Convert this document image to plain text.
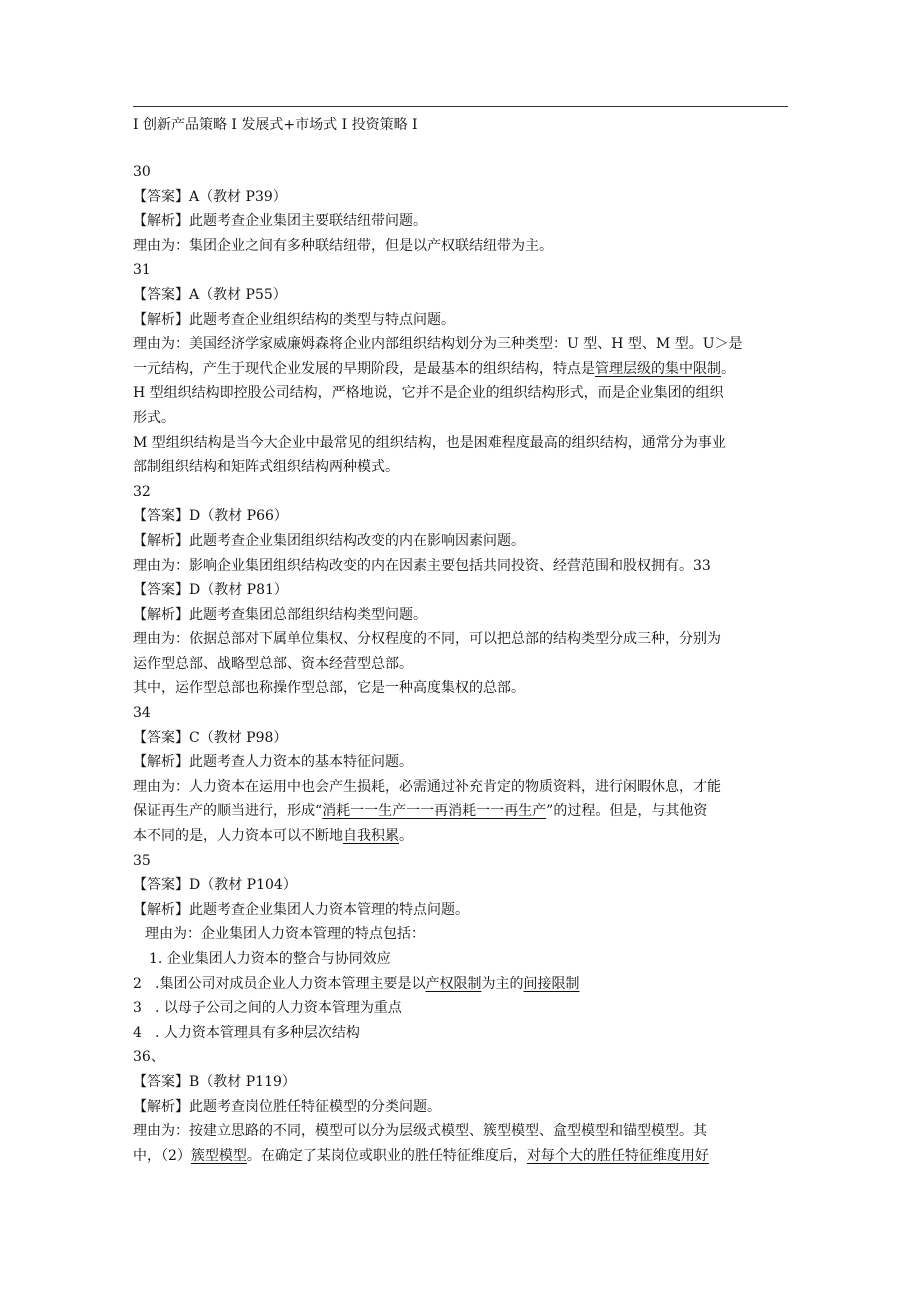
I 创新产品策略 I 发展式+市场式 I 投资策略 I

30

【答案】A（教材 P39）

【解析】此题考查企业集团主要联结纽带问题。

理由为：集团企业之间有多种联结纽带，但是以产权联结纽带为主。

31

【答案】A（教材 P55）

【解析】此题考查企业组织结构的类型与特点问题。

理由为：美国经济学家威廉姆森将企业内部组织结构划分为三种类型：U 型、H 型、M 型。U＞是

一元结构，产生于现代企业发展的早期阶段，是最基本的组织结构，特点是管理层级的集中限制。

H 型组织结构即控股公司结构，严格地说，它并不是企业的组织结构形式，而是企业集团的组织

形式。

M 型组织结构是当今大企业中最常见的组织结构，也是困难程度最高的组织结构，通常分为事业

部制组织结构和矩阵式组织结构两种模式。

32

【答案】D（教材 P66）

【解析】此题考查企业集团组织结构改变的内在影响因素问题。

理由为：影响企业集团组织结构改变的内在因素主要包括共同投资、经营范围和股权拥有。33

【答案】D（教材 P81）

【解析】此题考查集团总部组织结构类型问题。

理由为：依据总部对下属单位集权、分权程度的不同，可以把总部的结构类型分成三种，分别为

运作型总部、战略型总部、资本经营型总部。

其中，运作型总部也称操作型总部，它是一种高度集权的总部。

34

【答案】C（教材 P98）

【解析】此题考查人力资本的基本特征问题。

理由为：人力资本在运用中也会产生损耗，必需通过补充肯定的物质资料，进行闲暇休息，才能

保证再生产的顺当进行，形成“消耗一一生产一一再消耗一一再生产”的过程。但是，与其他资

本不同的是，人力资本可以不断地自我积累。

35

【答案】D（教材 P104）

【解析】此题考查企业集团人力资本管理的特点问题。

理由为：企业集团人力资本管理的特点包括：

1. 企业集团人力资本的整合与协同效应

2 .集团公司对成员企业人力资本管理主要是以产权限制为主的间接限制

3 . 以母子公司之间的人力资本管理为重点

4 . 人力资本管理具有多种层次结构

36、

【答案】B（教材 P119）

【解析】此题考查岗位胜任特征模型的分类问题。

理由为：按建立思路的不同，模型可以分为层级式模型、簇型模型、盒型模型和锚型模型。其

中，（2）簇型模型。在确定了某岗位或职业的胜任特征维度后，对每个大的胜任特征维度用好
